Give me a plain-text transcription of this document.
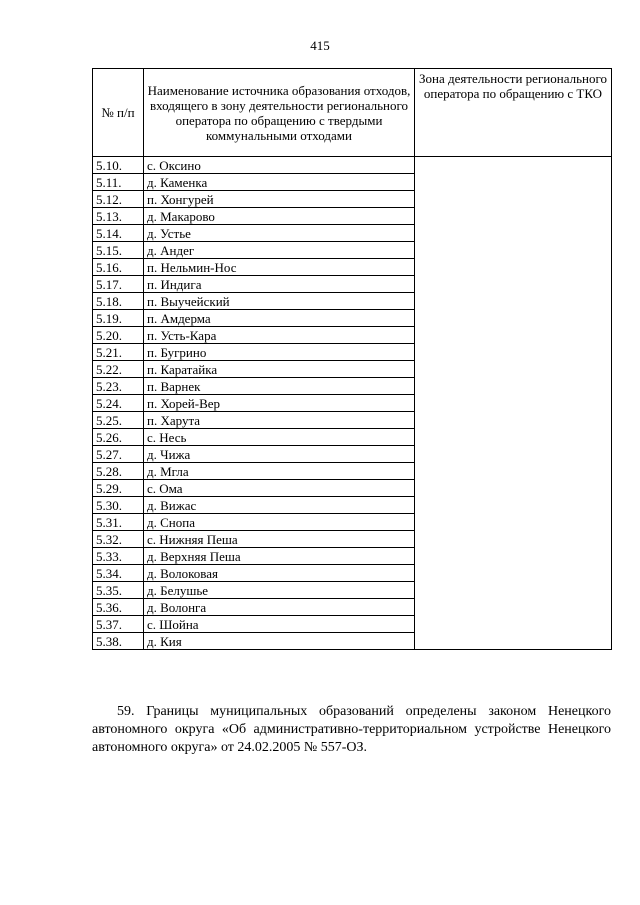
415
№ п/п	Наименование источника образования отходов, входящего в зону деятельности регионального оператора по обращению с твердыми коммунальными отходами	Зона деятельности регионального оператора по обращению с ТКО
5.10.	с. Оксино	
5.11.	д. Каменка	
5.12.	п. Хонгурей	
5.13.	д. Макарово	
5.14.	д. Устье	
5.15.	д. Андег	
5.16.	п. Нельмин-Нос	
5.17.	п. Индига	
5.18.	п. Выучейский	
5.19.	п. Амдерма	
5.20.	п. Усть-Кара	
5.21.	п. Бугрино	
5.22.	п. Каратайка	
5.23.	п. Варнек	
5.24.	п. Хорей-Вер	
5.25.	п. Харута	
5.26.	с. Несь	
5.27.	д. Чижа	
5.28.	д. Мгла	
5.29.	с. Ома	
5.30.	д. Вижас	
5.31.	д. Снопа	
5.32.	с. Нижняя Пеша	
5.33.	д. Верхняя Пеша	
5.34.	д. Волоковая	
5.35.	д. Белушье	
5.36.	д. Волонга	
5.37.	с. Шойна	
5.38.	д. Кия	

59. Границы муниципальных образований определены законом Ненецкого автономного округа «Об административно-территориальном устройстве Ненецкого автономного округа» от 24.02.2005 № 557-ОЗ.
